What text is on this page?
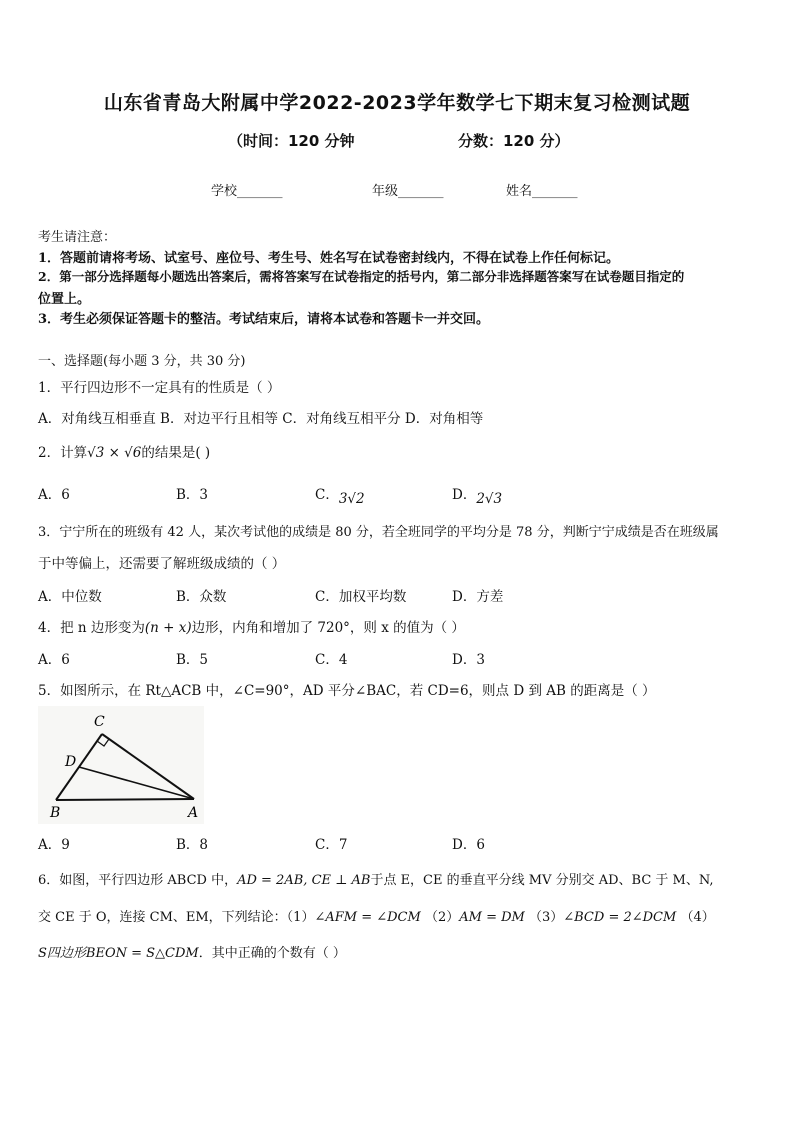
山东省青岛大附属中学2022-2023学年数学七下期末复习检测试题
（时间：120 分钟	分数：120 分）
学校_______	年级_______	姓名_______
考生请注意：
1．答题前请将考场、试室号、座位号、考生号、姓名写在试卷密封线内，不得在试卷上作任何标记。
2．第一部分选择题每小题选出答案后，需将答案写在试卷指定的括号内，第二部分非选择题答案写在试卷题目指定的
位置上。
3．考生必须保证答题卡的整洁。考试结束后，请将本试卷和答题卡一并交回。
一、选择题(每小题 3 分，共 30 分)
1．平行四边形不一定具有的性质是（ ）
A．对角线互相垂直 B．对边平行且相等 C．对角线互相平分 D．对角相等
2．计算√3 × √6的结果是( )
A．6	B．3	C．3√2	D．2√3
3．宁宁所在的班级有 42 人，某次考试他的成绩是 80 分，若全班同学的平均分是 78 分，判断宁宁成绩是否在班级属
于中等偏上，还需要了解班级成绩的（ ）
A．中位数	B．众数	C．加权平均数	D．方差
4．把 n 边形变为(n + x)边形，内角和增加了 720°，则 x 的值为（ ）
A．6	B．5	C．4	D．3
5．如图所示，在 Rt△ACB 中，∠C=90°，AD 平分∠BAC，若 CD=6，则点 D 到 AB 的距离是（ ）
C
D
B	A
A．9	B．8	C．7	D．6
6．如图，平行四边形 ABCD 中，AD = 2AB, CE ⊥ AB于点 E，CE 的垂直平分线 MV 分别交 AD、BC 于 M、N,
交 CE 于 O，连接 CM、EM，下列结论：（1）∠AFM = ∠DCM （2）AM = DM （3）∠BCD = 2∠DCM （4）
S四边形BEON = S△CDM．其中正确的个数有（ ）
